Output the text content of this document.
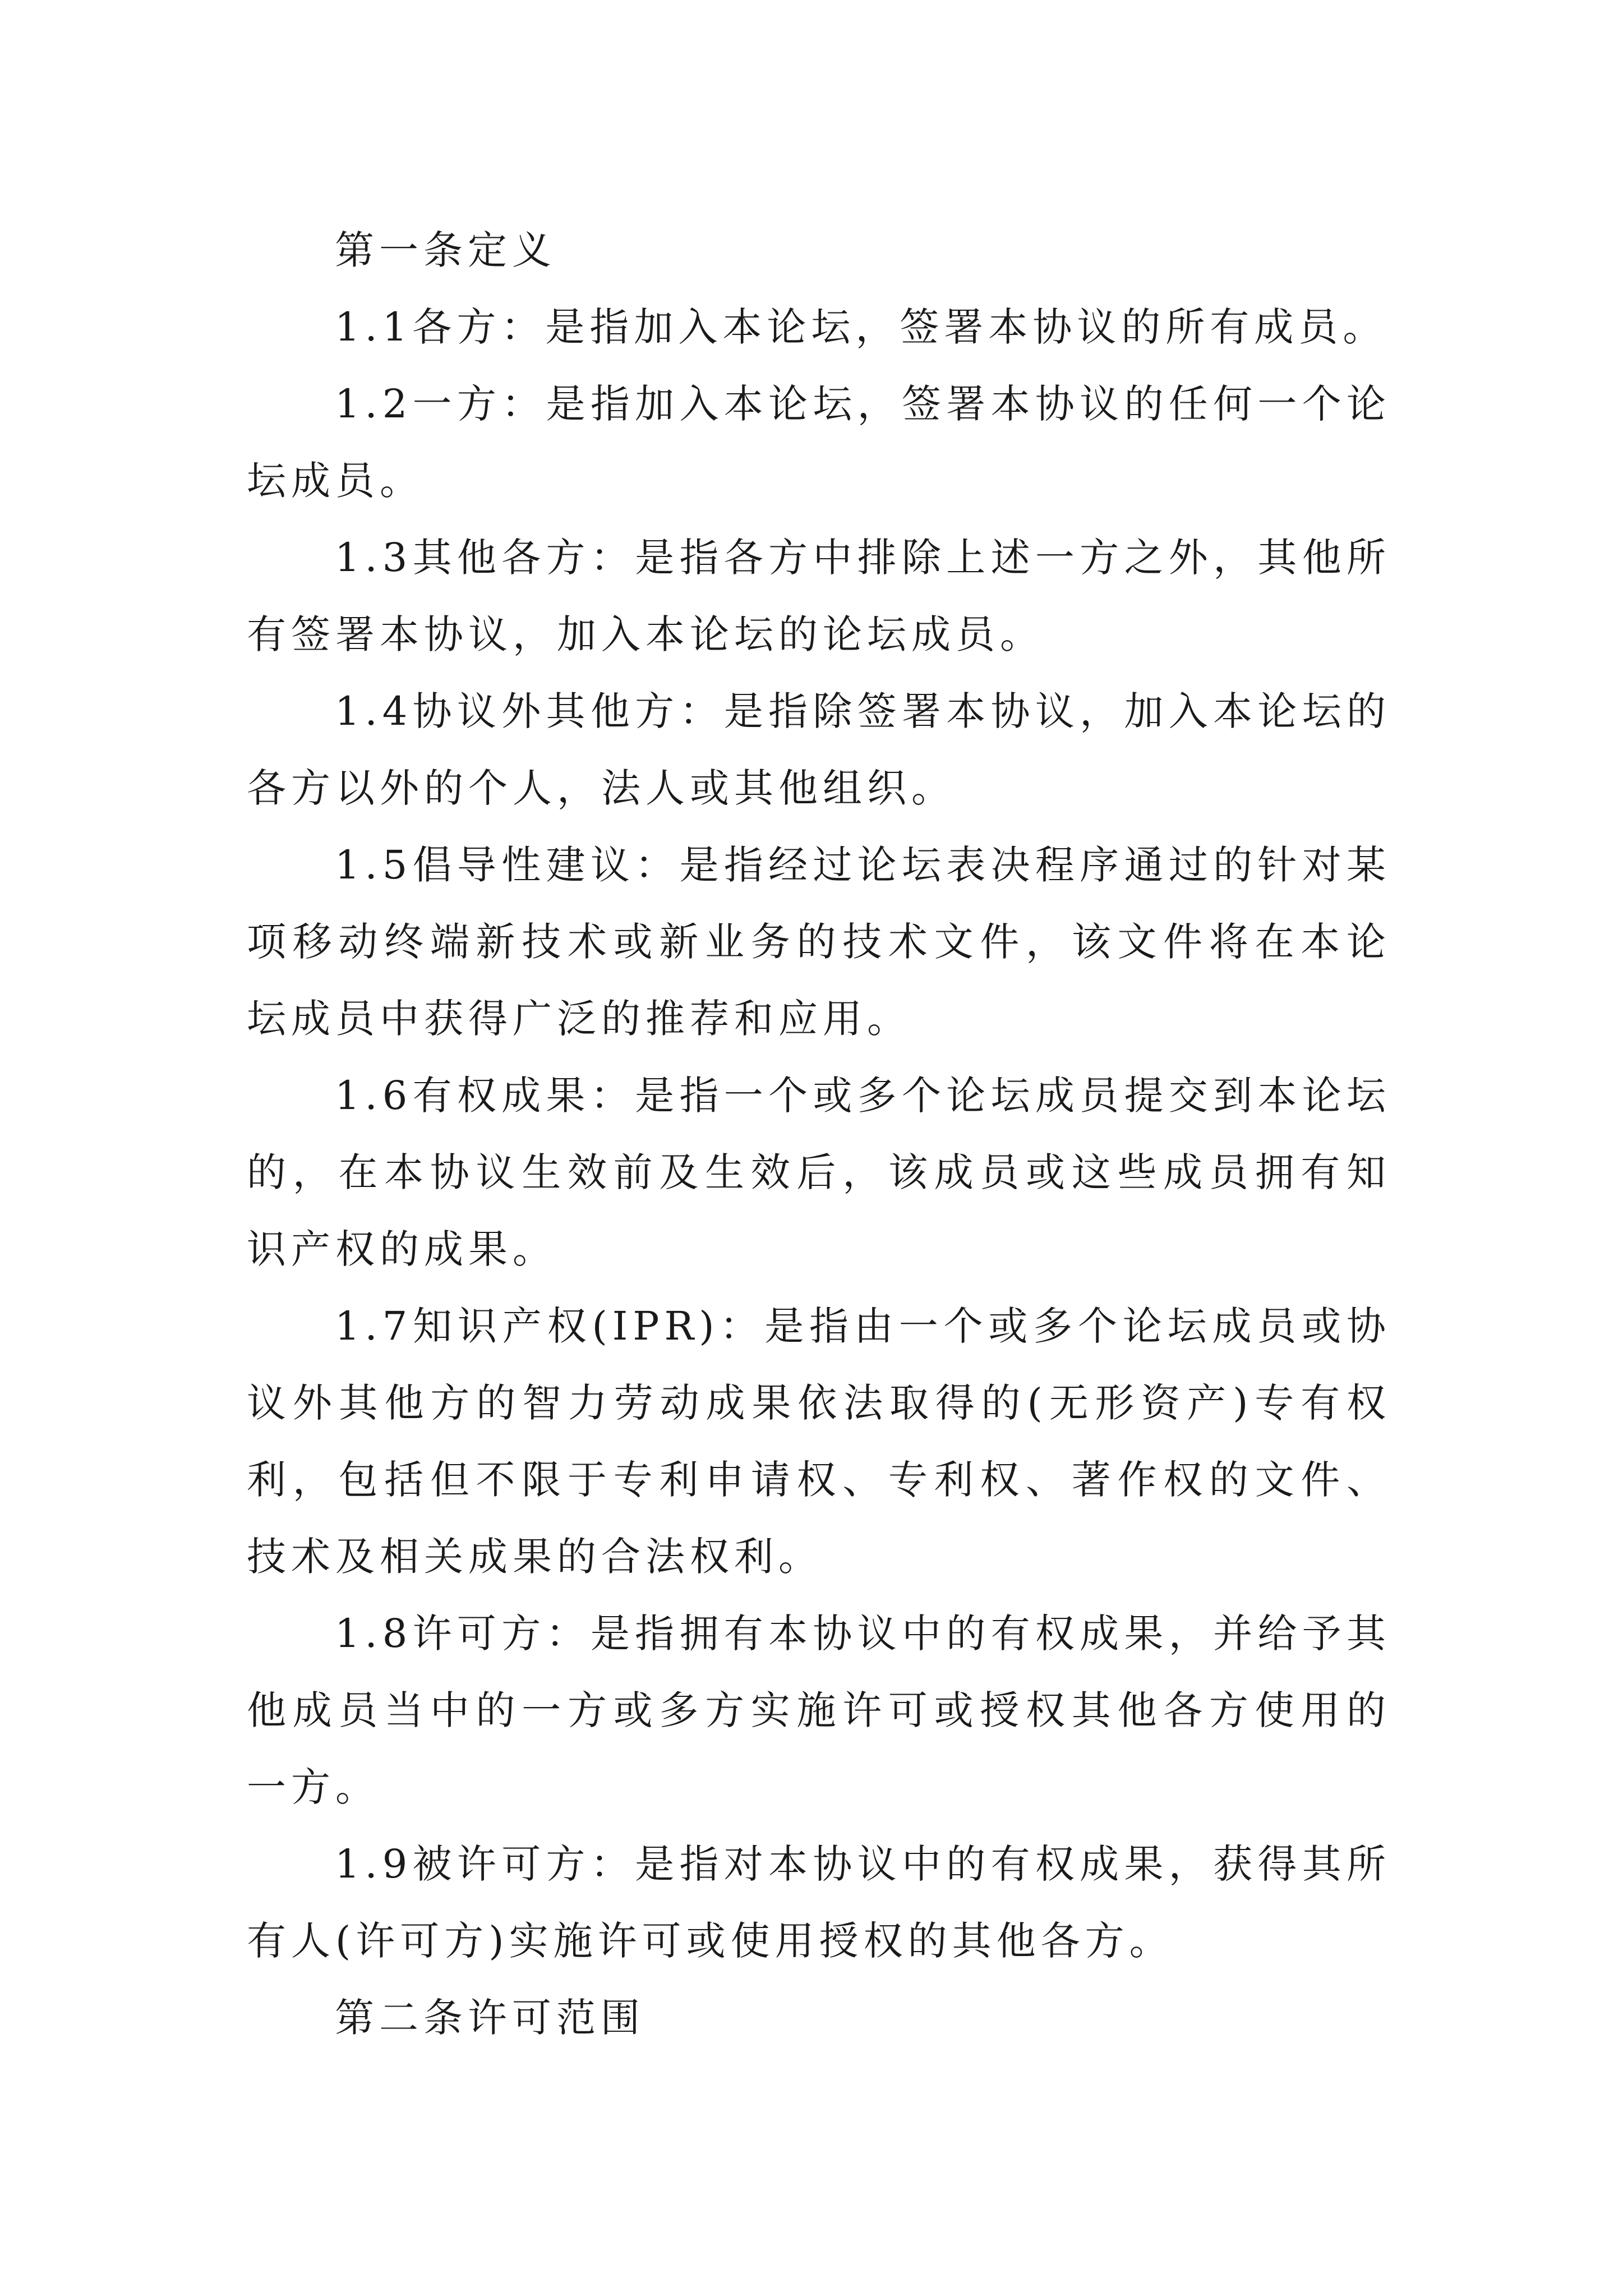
第一条定义

1.1各方：是指加入本论坛，签署本协议的所有成员。

1.2一方：是指加入本论坛，签署本协议的任何一个论坛成员。

1.3其他各方：是指各方中排除上述一方之外，其他所有签署本协议，加入本论坛的论坛成员。

1.4协议外其他方：是指除签署本协议，加入本论坛的各方以外的个人，法人或其他组织。

1.5倡导性建议：是指经过论坛表决程序通过的针对某项移动终端新技术或新业务的技术文件，该文件将在本论坛成员中获得广泛的推荐和应用。

1.6有权成果：是指一个或多个论坛成员提交到本论坛的，在本协议生效前及生效后，该成员或这些成员拥有知识产权的成果。

1.7知识产权(IPR)：是指由一个或多个论坛成员或协议外其他方的智力劳动成果依法取得的(无形资产)专有权利，包括但不限于专利申请权、专利权、著作权的文件、技术及相关成果的合法权利。

1.8许可方：是指拥有本协议中的有权成果，并给予其他成员当中的一方或多方实施许可或授权其他各方使用的一方。

1.9被许可方：是指对本协议中的有权成果，获得其所有人(许可方)实施许可或使用授权的其他各方。

第二条许可范围
